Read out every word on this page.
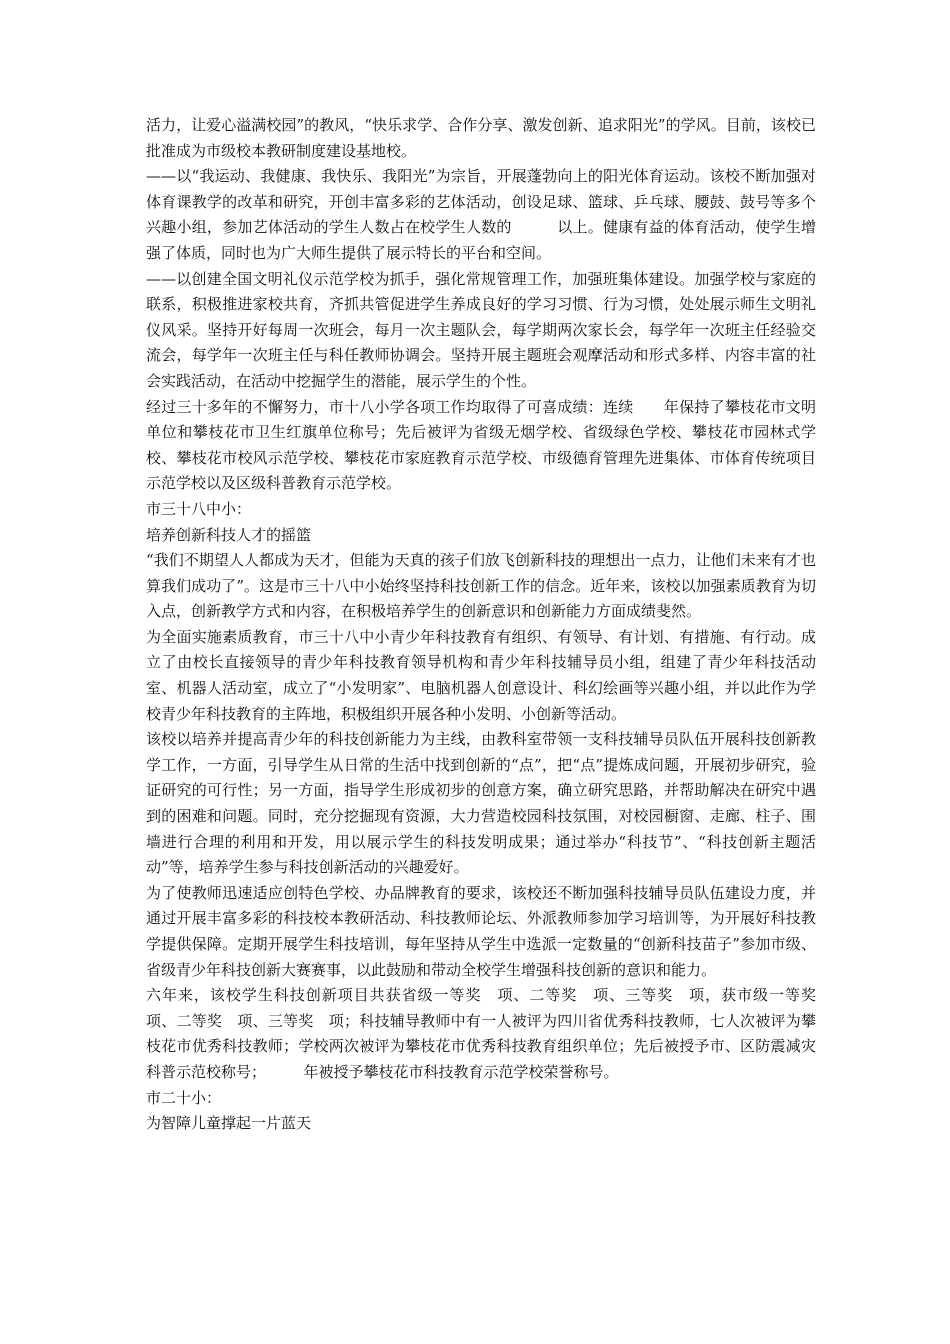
活力，让爱心溢满校园”的教风，“快乐求学、合作分享、激发创新、追求阳光”的学风。目前，该校已批准成为市级校本教研制度建设基地校。

——以“我运动、我健康、我快乐、我阳光”为宗旨，开展蓬勃向上的阳光体育运动。该校不断加强对体育课教学的改革和研究，开创丰富多彩的艺体活动，创设足球、篮球、乒乓球、腰鼓、鼓号等多个兴趣小组，参加艺体活动的学生人数占在校学生人数的　　　以上。健康有益的体育活动，使学生增强了体质，同时也为广大师生提供了展示特长的平台和空间。

——以创建全国文明礼仪示范学校为抓手，强化常规管理工作，加强班集体建设。加强学校与家庭的联系，积极推进家校共育，齐抓共管促进学生养成良好的学习习惯、行为习惯，处处展示师生文明礼仪风采。坚持开好每周一次班会，每月一次主题队会，每学期两次家长会，每学年一次班主任经验交流会，每学年一次班主任与科任教师协调会。坚持开展主题班会观摩活动和形式多样、内容丰富的社会实践活动，在活动中挖掘学生的潜能，展示学生的个性。

经过三十多年的不懈努力，市十八小学各项工作均取得了可喜成绩：连续　　年保持了攀枝花市文明单位和攀枝花市卫生红旗单位称号；先后被评为省级无烟学校、省级绿色学校、攀枝花市园林式学校、攀枝花市校风示范学校、攀枝花市家庭教育示范学校、市级德育管理先进集体、市体育传统项目示范学校以及区级科普教育示范学校。

市三十八中小：

培养创新科技人才的摇篮

“我们不期望人人都成为天才，但能为天真的孩子们放飞创新科技的理想出一点力，让他们未来有才也算我们成功了”。这是市三十八中小始终坚持科技创新工作的信念。近年来，该校以加强素质教育为切入点，创新教学方式和内容，在积极培养学生的创新意识和创新能力方面成绩斐然。

为全面实施素质教育，市三十八中小青少年科技教育有组织、有领导、有计划、有措施、有行动。成立了由校长直接领导的青少年科技教育领导机构和青少年科技辅导员小组，组建了青少年科技活动室、机器人活动室，成立了“小发明家”、电脑机器人创意设计、科幻绘画等兴趣小组，并以此作为学校青少年科技教育的主阵地，积极组织开展各种小发明、小创新等活动。

该校以培养并提高青少年的科技创新能力为主线，由教科室带领一支科技辅导员队伍开展科技创新教学工作，一方面，引导学生从日常的生活中找到创新的“点”，把“点”提炼成问题，开展初步研究，验证研究的可行性；另一方面，指导学生形成初步的创意方案，确立研究思路，并帮助解决在研究中遇到的困难和问题。同时，充分挖掘现有资源，大力营造校园科技氛围，对校园橱窗、走廊、柱子、围墙进行合理的利用和开发，用以展示学生的科技发明成果；通过举办“科技节”、“科技创新主题活动”等，培养学生参与科技创新活动的兴趣爱好。

为了使教师迅速适应创特色学校、办品牌教育的要求，该校还不断加强科技辅导员队伍建设力度，并通过开展丰富多彩的科技校本教研活动、科技教师论坛、外派教师参加学习培训等，为开展好科技教学提供保障。定期开展学生科技培训，每年坚持从学生中选派一定数量的“创新科技苗子”参加市级、省级青少年科技创新大赛赛事，以此鼓励和带动全校学生增强科技创新的意识和能力。

六年来，该校学生科技创新项目共获省级一等奖　项、二等奖　项、三等奖　项，获市级一等奖　项、二等奖　项、三等奖　项；科技辅导教师中有一人被评为四川省优秀科技教师，七人次被评为攀枝花市优秀科技教师；学校两次被评为攀枝花市优秀科技教育组织单位；先后被授予市、区防震减灾科普示范校称号；　　　年被授予攀枝花市科技教育示范学校荣誉称号。

市二十小：

为智障儿童撑起一片蓝天
